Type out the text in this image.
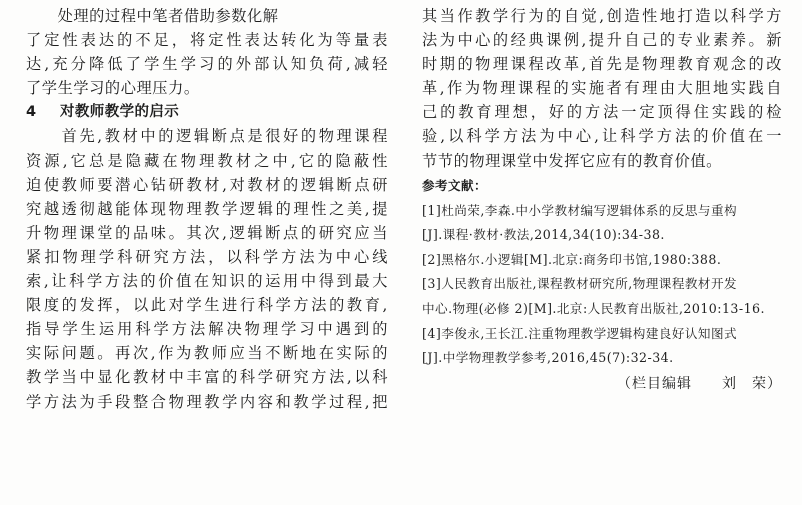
　　处理的过程中笔者借助参数化解
了定性表达的不足，将定性表达转化为等量表
达,充分降低了学生学习的外部认知负荷,减轻
了学生学习的心理压力。
4 对教师教学的启示
　　首先,教材中的逻辑断点是很好的物理课程
资源,它总是隐藏在物理教材之中,它的隐蔽性
迫使教师要潜心钻研教材,对教材的逻辑断点研
究越透彻越能体现物理教学逻辑的理性之美,提
升物理课堂的品味。其次,逻辑断点的研究应当
紧扣物理学科研究方法，以科学方法为中心线
索,让科学方法的价值在知识的运用中得到最大
限度的发挥，以此对学生进行科学方法的教育,
指导学生运用科学方法解决物理学习中遇到的
实际问题。再次,作为教师应当不断地在实际的
教学当中显化教材中丰富的科学研究方法,以科
学方法为手段整合物理教学内容和教学过程,把
其当作教学行为的自觉,创造性地打造以科学方
法为中心的经典课例,提升自己的专业素养。新
时期的物理课程改革,首先是物理教育观念的改
革,作为物理课程的实施者有理由大胆地实践自
己的教育理想，好的方法一定顶得住实践的检
验,以科学方法为中心,让科学方法的价值在一
节节的物理课堂中发挥它应有的教育价值。
参考文献：
[1]杜尚荣,李森.中小学教材编写逻辑体系的反思与重构
[J].课程·教材·教法,2014,34(10):34-38.
[2]黑格尔.小逻辑[M].北京:商务印书馆,1980:388.
[3]人民教育出版社,课程教材研究所,物理课程教材开发
中心.物理(必修 2)[M].北京:人民教育出版社,2010:13-16.
[4]李俊永,王长江.注重物理教学逻辑构建良好认知图式
[J].中学物理教学参考,2016,45(7):32-34.
（栏目编辑　　刘　荣）
